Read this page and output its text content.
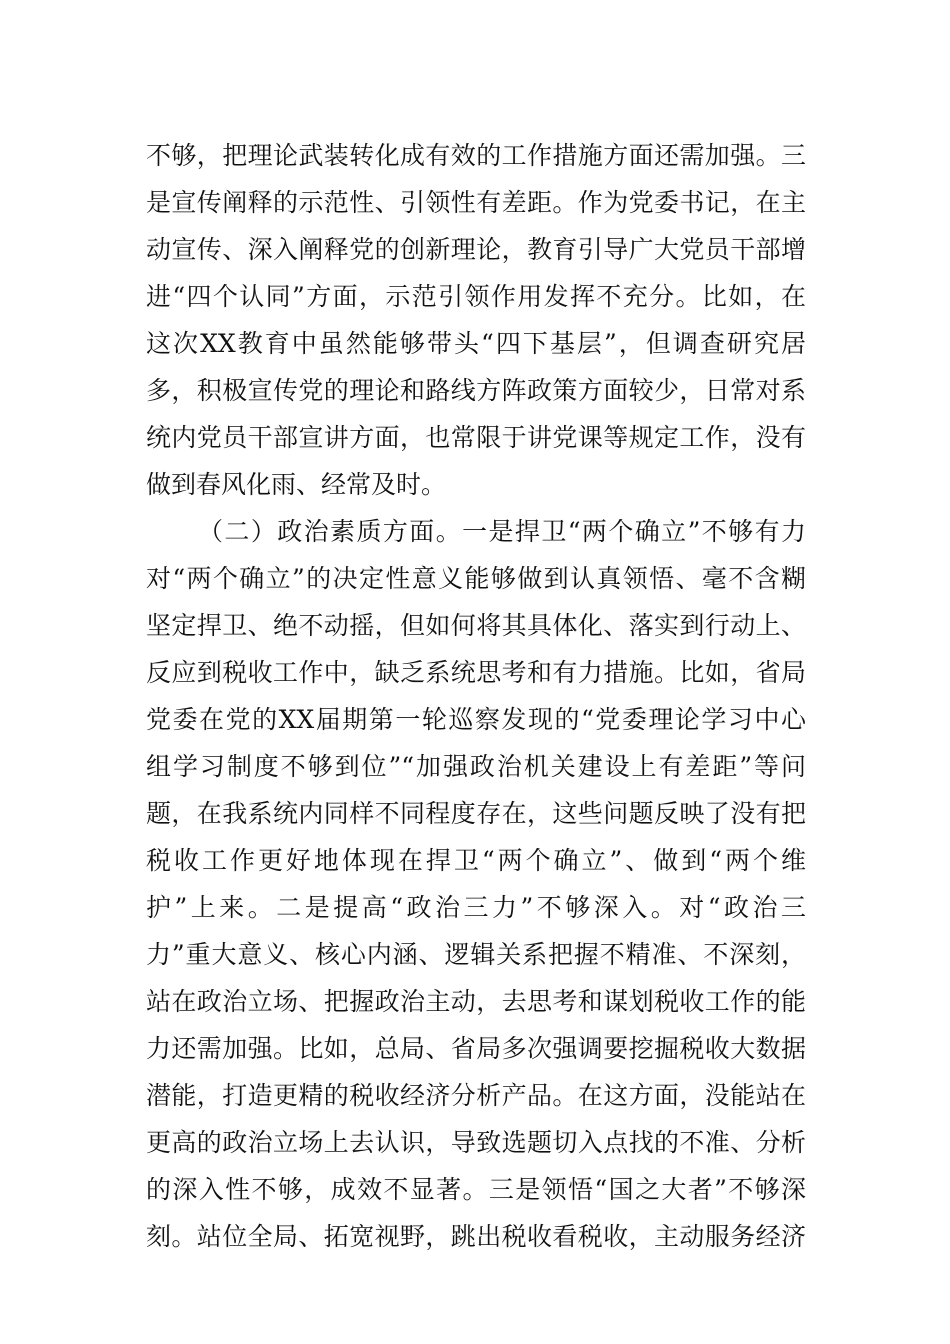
不够，把理论武装转化成有效的工作措施方面还需加强。三
是宣传阐释的示范性、引领性有差距。作为党委书记，在主
动宣传、深入阐释党的创新理论，教育引导广大党员干部增
进“四个认同”方面，示范引领作用发挥不充分。比如，在
这次XX教育中虽然能够带头“四下基层”，但调查研究居
多，积极宣传党的理论和路线方阵政策方面较少，日常对系
统内党员干部宣讲方面，也常限于讲党课等规定工作，没有
做到春风化雨、经常及时。
（二）政治素质方面。一是捍卫“两个确立”不够有力
对“两个确立”的决定性意义能够做到认真领悟、毫不含糊
坚定捍卫、绝不动摇，但如何将其具体化、落实到行动上、
反应到税收工作中，缺乏系统思考和有力措施。比如，省局
党委在党的XX届期第一轮巡察发现的“党委理论学习中心
组学习制度不够到位”“加强政治机关建设上有差距”等问
题，在我系统内同样不同程度存在，这些问题反映了没有把
税收工作更好地体现在捍卫“两个确立”、做到“两个维
护”上来。二是提高“政治三力”不够深入。对“政治三
力”重大意义、核心内涵、逻辑关系把握不精准、不深刻，
站在政治立场、把握政治主动，去思考和谋划税收工作的能
力还需加强。比如，总局、省局多次强调要挖掘税收大数据
潜能，打造更精的税收经济分析产品。在这方面，没能站在
更高的政治立场上去认识，导致选题切入点找的不准、分析
的深入性不够，成效不显著。三是领悟“国之大者”不够深
刻。站位全局、拓宽视野，跳出税收看税收，主动服务经济
